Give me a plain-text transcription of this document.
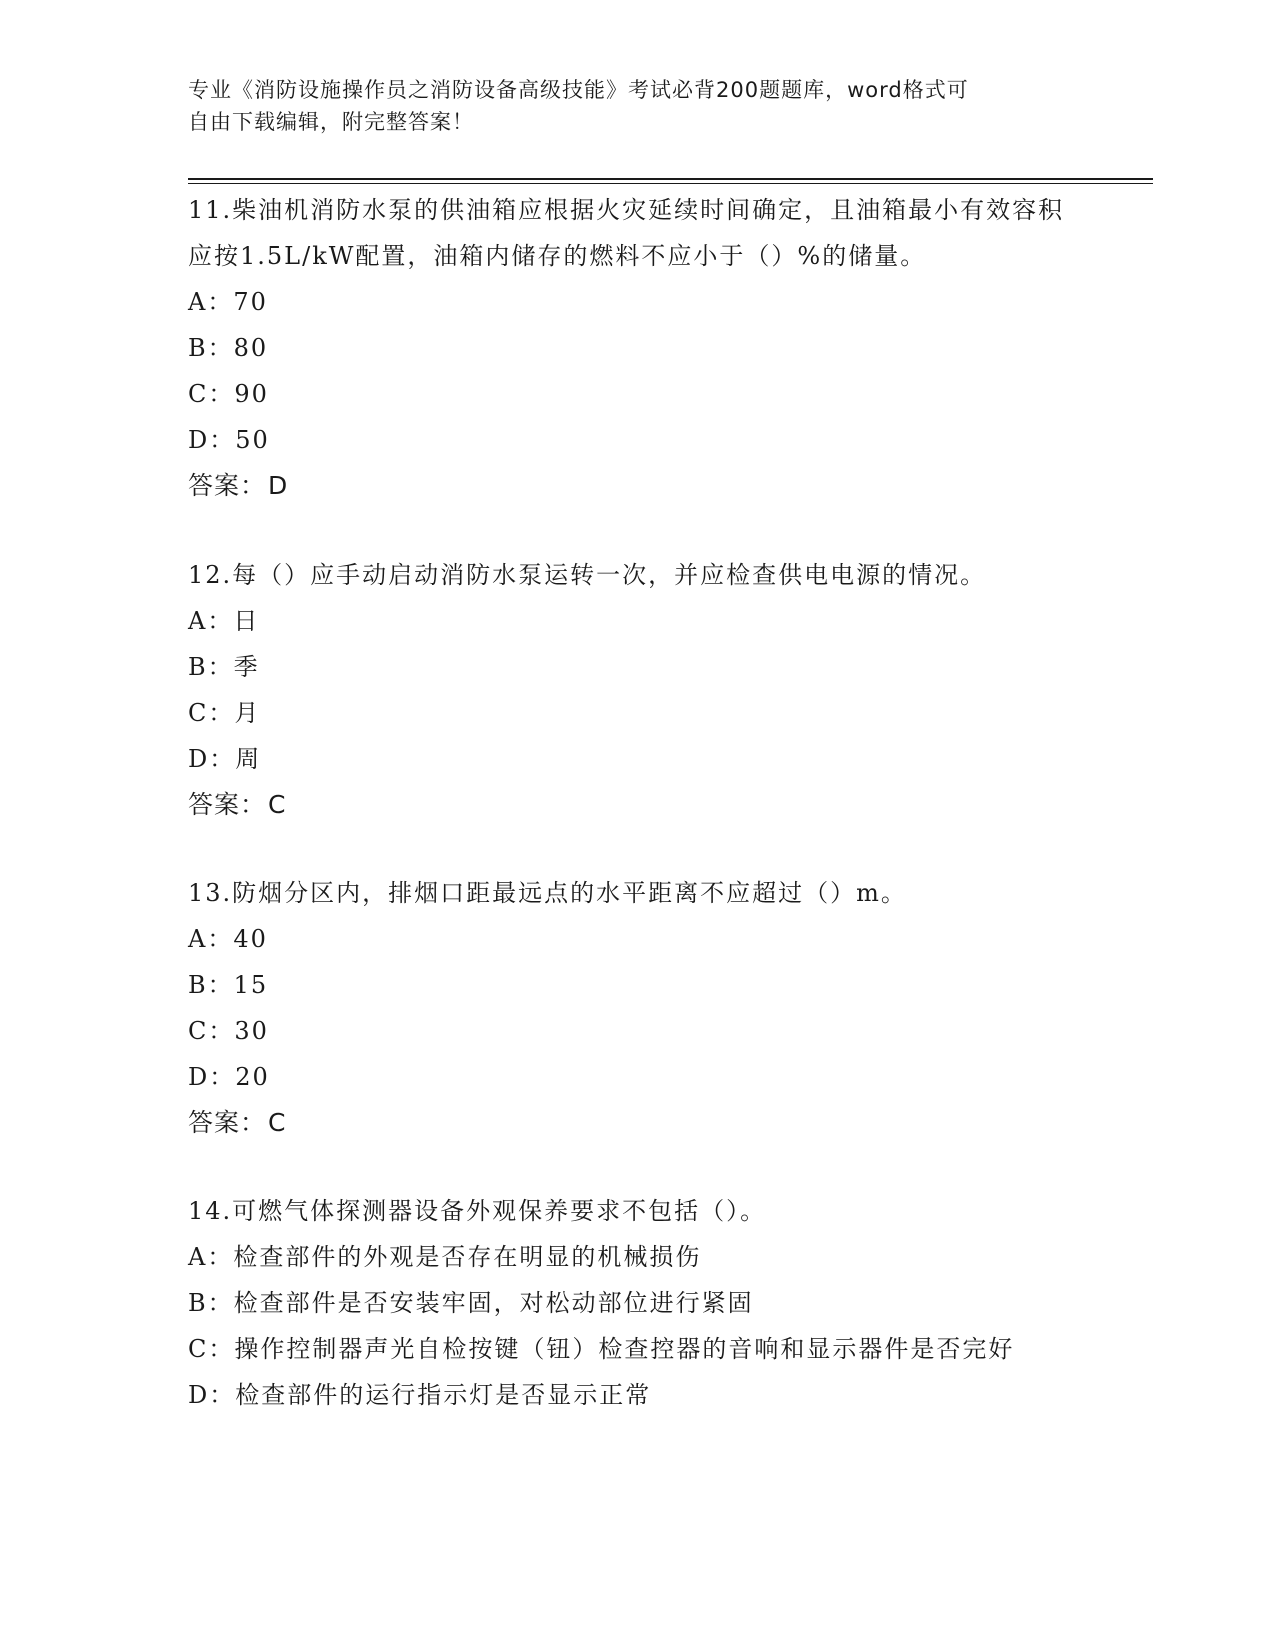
专业《消防设施操作员之消防设备高级技能》考试必背200题题库，word格式可
自由下载编辑，附完整答案！
11.柴油机消防水泵的供油箱应根据火灾延续时间确定，且油箱最小有效容积应按1.5L/kW配置，油箱内储存的燃料不应小于（）%的储量。
A：70
B：80
C：90
D：50
答案：D
12.每（）应手动启动消防水泵运转一次，并应检查供电电源的情况。
A：日
B：季
C：月
D：周
答案：C
13.防烟分区内，排烟口距最远点的水平距离不应超过（）m。
A：40
B：15
C：30
D：20
答案：C
14.可燃气体探测器设备外观保养要求不包括（）。
A：检查部件的外观是否存在明显的机械损伤
B：检查部件是否安装牢固，对松动部位进行紧固
C：操作控制器声光自检按键（钮）检查控器的音响和显示器件是否完好
D：检查部件的运行指示灯是否显示正常
